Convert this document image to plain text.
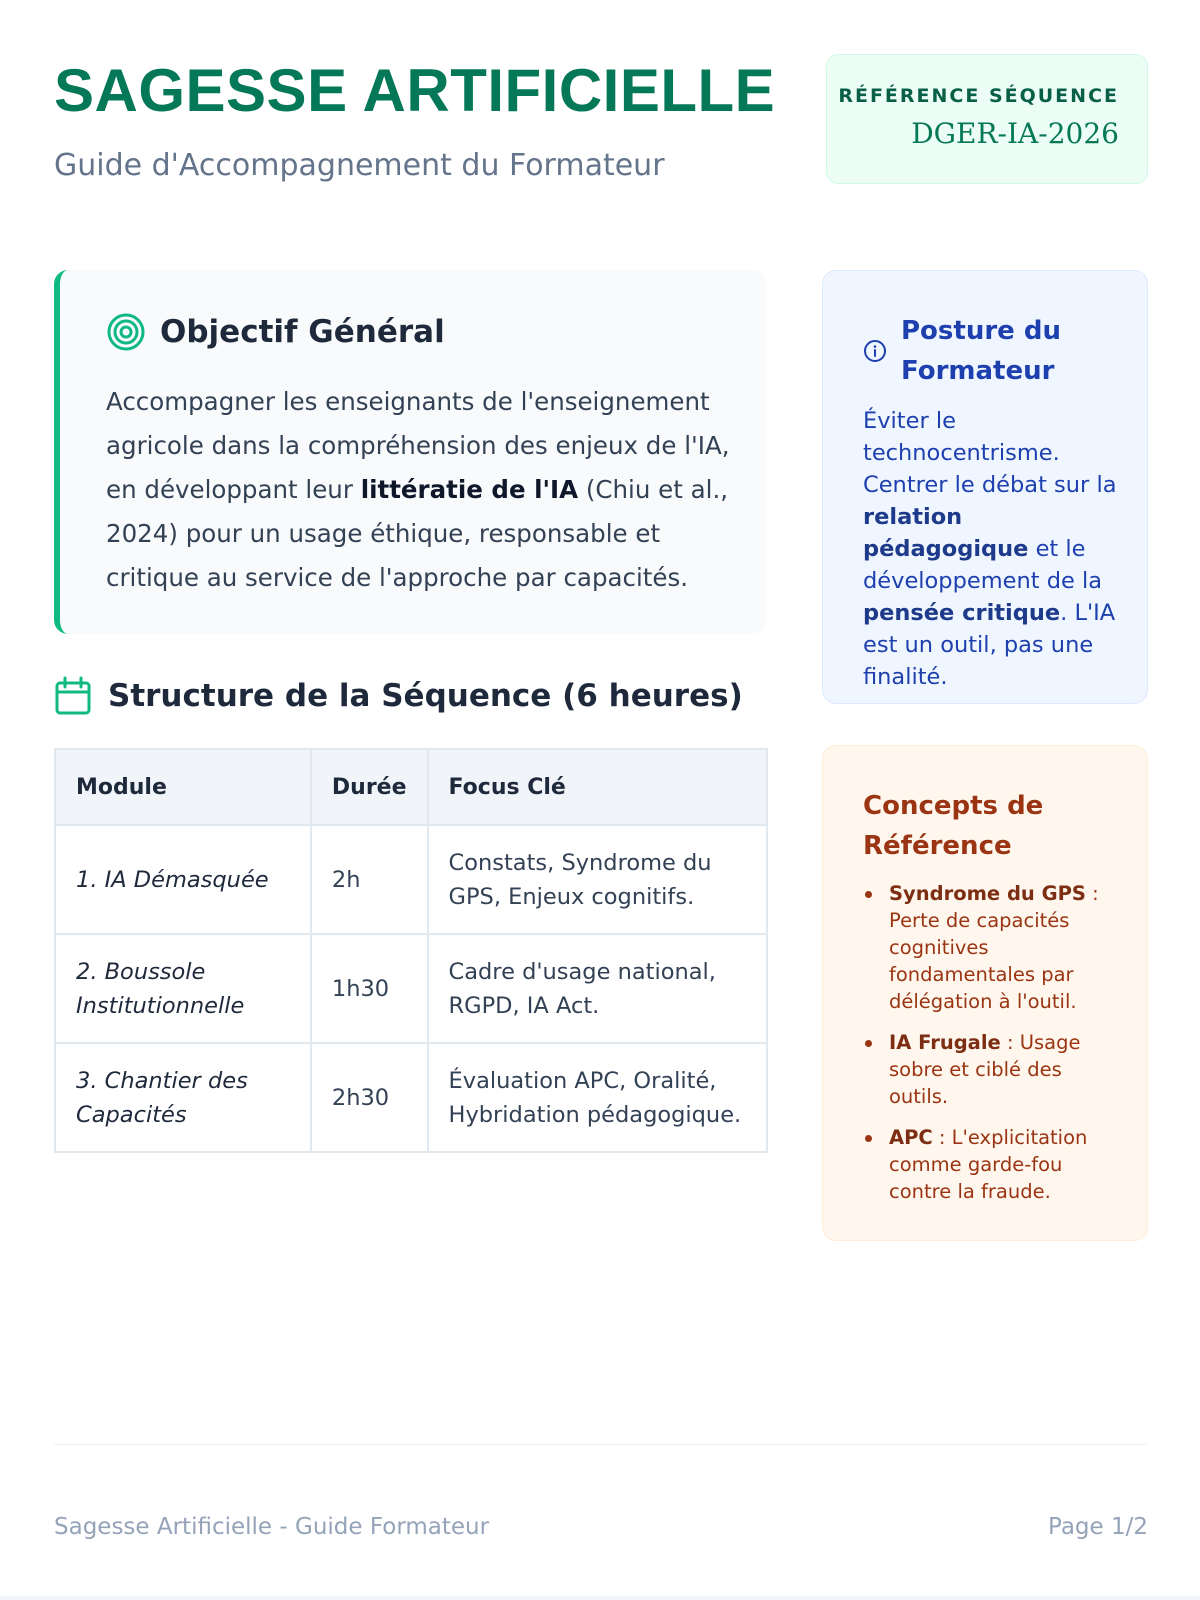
SAGESSE ARTIFICIELLE
Guide d'Accompagnement du Formateur
RÉFÉRENCE SÉQUENCE
DGER-IA-2026
Objectif Général

Accompagner les enseignants de l'enseignement agricole dans la compréhension des enjeux de l'IA, en développant leur littératie de l'IA (Chiu et al., 2024) pour un usage éthique, responsable et critique au service de l'approche par capacités.

Structure de la Séquence (6 heures)
Module	Durée	Focus Clé
1. IA Démasquée	2h	Constats, Syndrome du GPS, Enjeux cognitifs.
2. Boussole Institutionnelle	1h30	Cadre d'usage national, RGPD, IA Act.
3. Chantier des Capacités	2h30	Évaluation APC, Oralité, Hybridation pédagogique.
Posture du Formateur

Éviter le technocentrisme. Centrer le débat sur la relation pédagogique et le développement de la pensée critique. L'IA est un outil, pas une finalité.

Concepts de Référence
Syndrome du GPS : Perte de capacités cognitives fondamentales par délégation à l'outil.
IA Frugale : Usage sobre et ciblé des outils.
APC : L'explicitation comme garde-fou contre la fraude.
Sagesse Artificielle - Guide Formateur	Page 1/2
